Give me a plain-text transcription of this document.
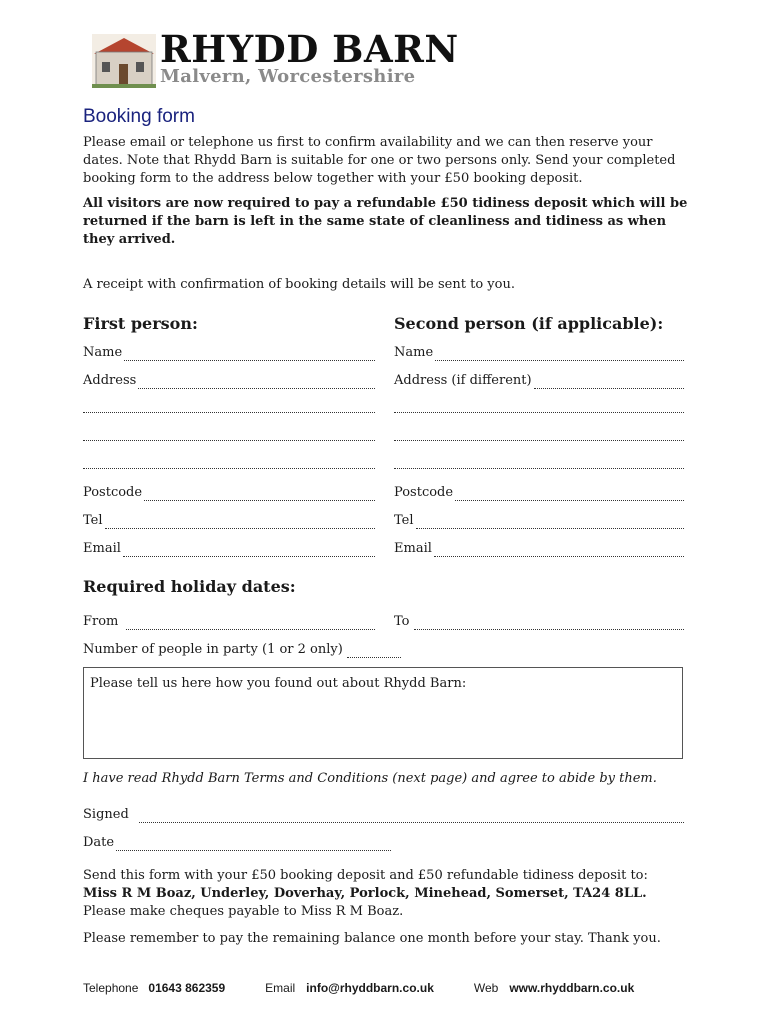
RHYDD BARN
Malvern, Worcestershire
Booking form
Please email or telephone us first to confirm availability and we can then reserve your dates. Note that Rhydd Barn is suitable for one or two persons only. Send your completed booking form to the address below together with your £50 booking deposit.
All visitors are now required to pay a refundable £50 tidiness deposit which will be returned if the barn is left in the same state of cleanliness and tidiness as when they arrived.
A receipt with confirmation of booking details will be sent to you.
First person:
Name
Address
Postcode
Tel
Email
Second person (if applicable):
Name
Address (if different)
Postcode
Tel
Email
Required holiday dates:
From	To
Number of people in party (1 or 2 only)
Please tell us here how you found out about Rhydd Barn:
I have read Rhydd Barn Terms and Conditions (next page) and agree to abide by them.
Signed
Date
Send this form with your £50 booking deposit and £50 refundable tidiness deposit to:
Miss R M Boaz, Underley, Doverhay, Porlock, Minehead, Somerset, TA24 8LL.
Please make cheques payable to Miss R M Boaz.
Please remember to pay the remaining balance one month before your stay. Thank you.
Telephone 01643 862359	Email info@rhyddbarn.co.uk	Web www.rhyddbarn.co.uk
